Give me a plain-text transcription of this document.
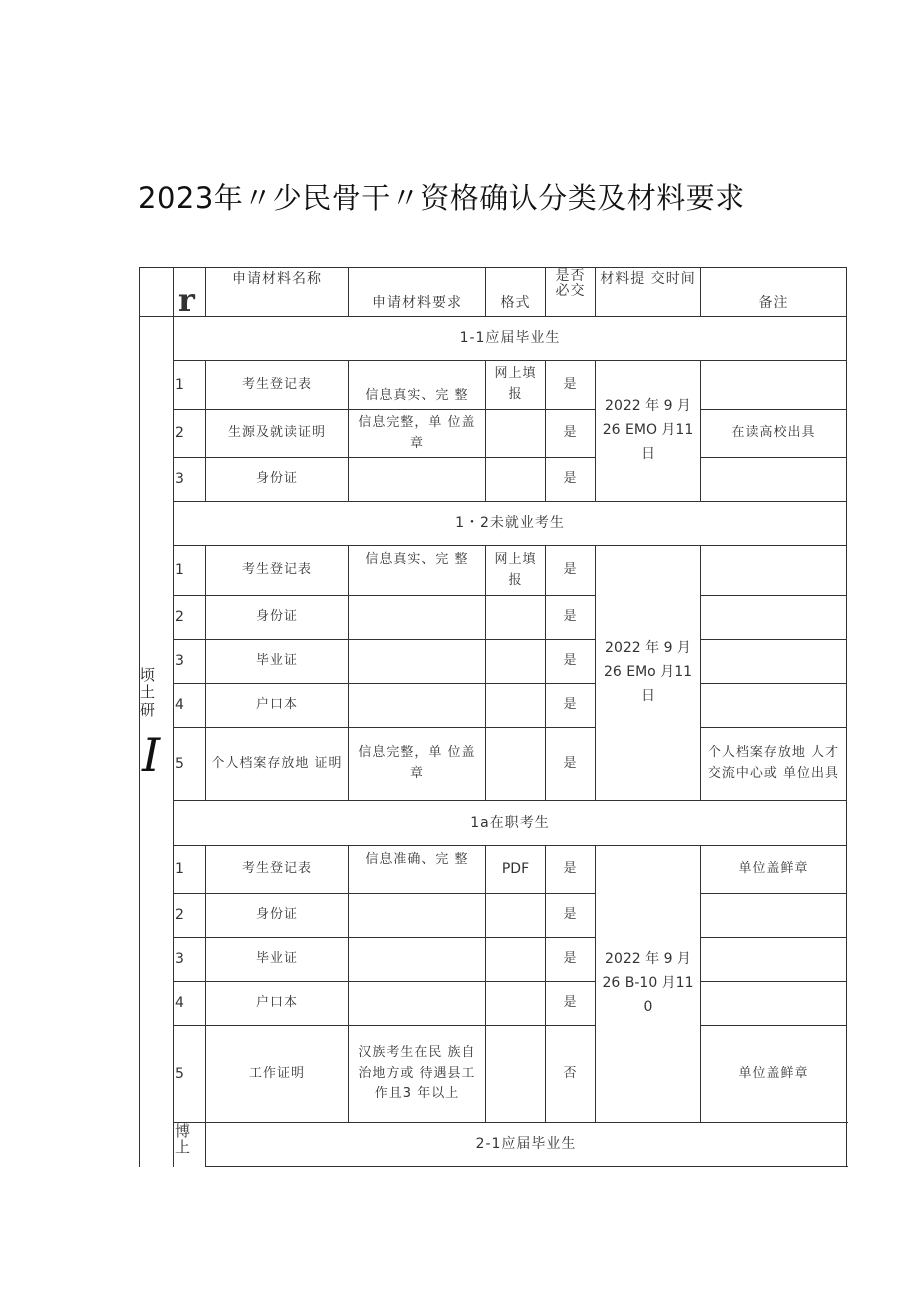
2023年〃少民骨干〃资格确认分类及材料要求
	r	申请材料名称	申请材料要求	格式	是否必交	材料提 交时间	备注

顷
土
研
I	1-1应届毕业生						
	1	考生登记表	信息真实、完 整	网上填报	是	2022 年 9 月 26 EMO 月11日	
	2	生源及就读证明	信息完整，单 位盖章		是		在读高校出具
	3	身份证			是		
	1・2未就业考生						
	1	考生登记表	信息真实、完 整	网上填报	是	2022 年 9 月 26 EMo 月11日	
	2	身份证			是		
	3	毕业证			是		
	4	户口本			是		
	5	个人档案存放地 证明	信息完整，单 位盖章		是		个人档案存放地 人才交流中心或 单位出具
	1a在职考生						
	1	考生登记表	信息准确、完 整	PDF	是	2022 年 9 月 26 B-10 月11 0	单位盖鲜章
	2	身份证			是		
	3	毕业证			是		
	4	户口本			是		
	5	工作证明	汉族考生在民 族自治地方或 待遇县工作且3 年以上		否		单位盖鲜章

	博
上	2-1应届毕业生					
